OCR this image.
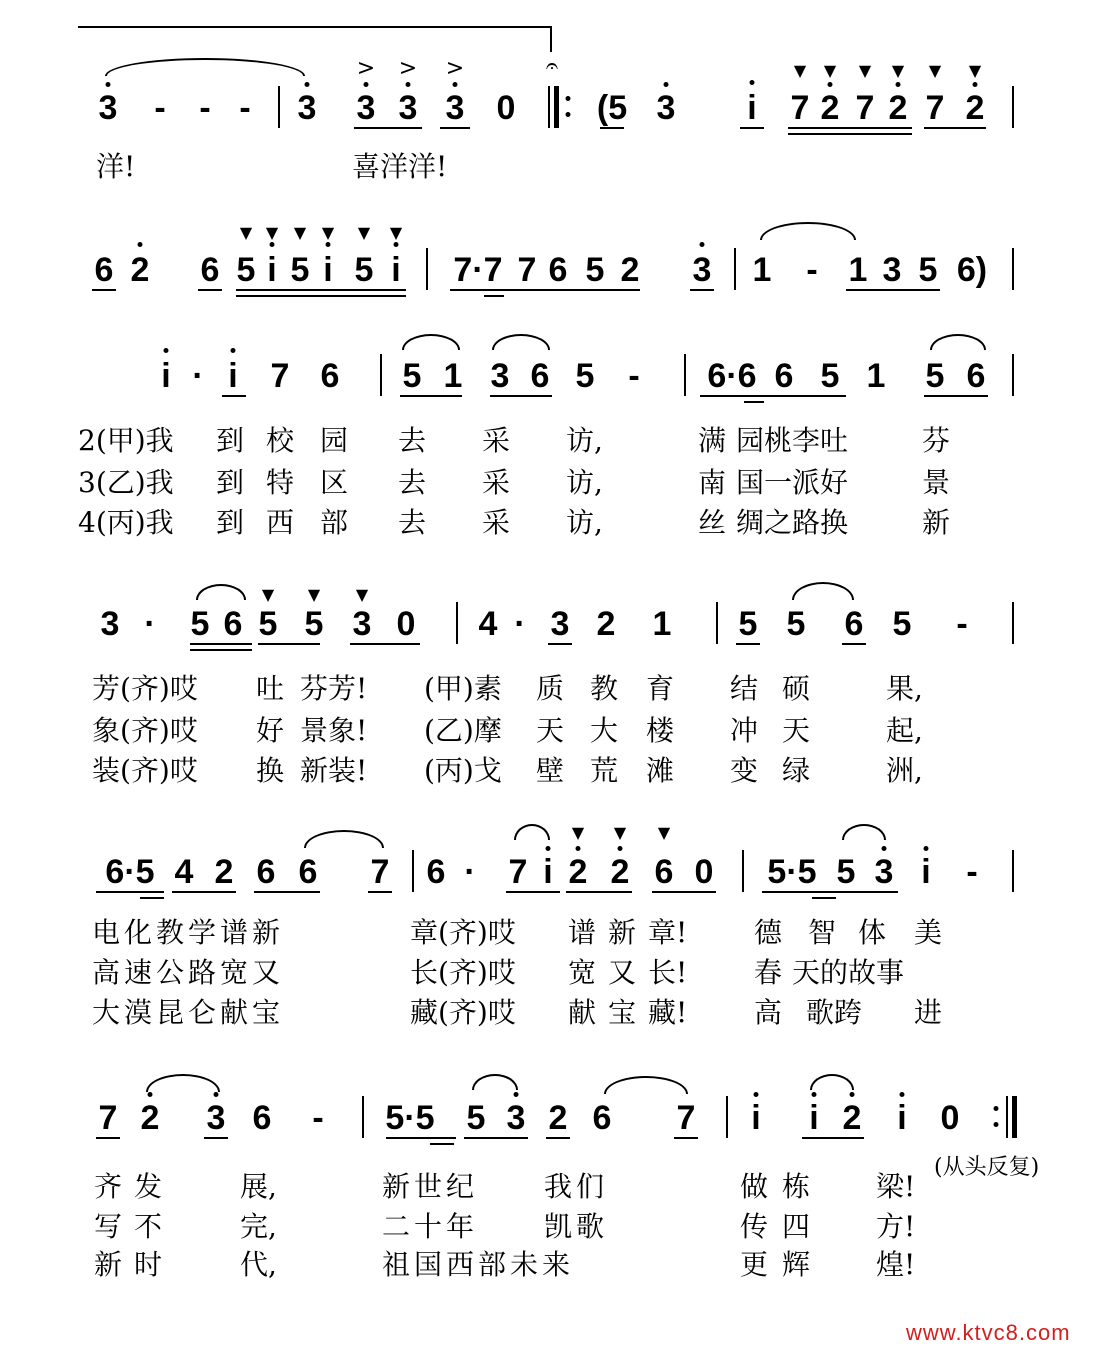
3 - - - 3 3 3 3 0 (5 3 i 7 2 7 2 7 2
> > >	𝄐	▼ ▼ ▼ ▼ ▼ ▼
洋!	喜洋洋!
6 2 6 5 i 5 i 5 i 7·7 7 6 5 2 3 1 - 1 3 5 6)
▼ ▼ ▼ ▼ ▼ ▼
i · i 7 6 5 1 3 6 5 - 6·6 6 5 1 5 6
2(甲)我 到 校 园 去 采 访,	满 园桃李吐	芬
3(乙)我 到 特 区 去 采 访,	南 国一派好	景
4(丙)我 到 西 部 去 采 访,	丝 绸之路换	新
3 · 5 6 5 5 3 0 4 · 3 2 1 5 5 6 5 -
▼ ▼ ▼
芳(齐)哎 吐 芬芳! (甲)素 质 教 育 结 硕	果,
象(齐)哎 好 景象! (乙)摩 天 大 楼 冲 天	起,
装(齐)哎 换 新装! (丙)戈 壁 荒 滩 变 绿	洲,
6·5 4 2 6 6 7 6 · 7 i 2 2 6 0 5·5 5 3 i -
▼ ▼ ▼
电化教学谱新	章(齐)哎 谱 新 章! 德 智 体 美
高速公路宽又	长(齐)哎 宽 又 长! 春 天的故事
大漠昆仑献宝	藏(齐)哎 献 宝 藏! 高 歌跨 进
7 2 3 6 - 5·5 5 3 2 6 7 i i 2 i 0
(从头反复)
齐发 展,	新世纪 我们	做栋 梁!
写不 完,	二十年 凯歌	传四 方!
新时 代,	祖国西部未来	更辉 煌!
www.ktvc8.com
